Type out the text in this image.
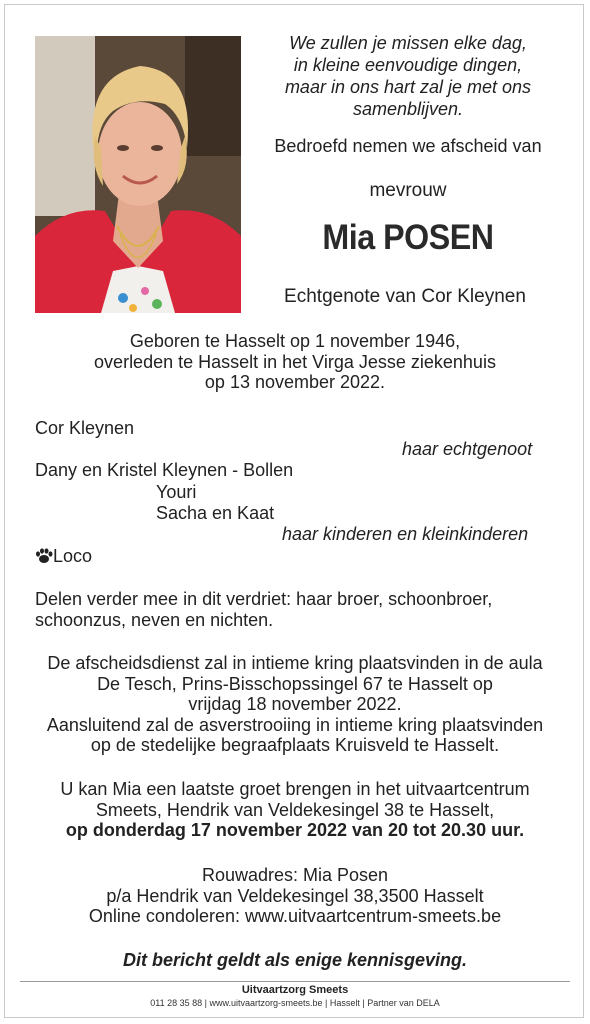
We zullen je missen elke dag,
in kleine eenvoudige dingen,
maar in ons hart zal je met ons
samenblijven.
Bedroefd nemen we afscheid van
mevrouw
Mia POSEN
Echtgenote van Cor Kleynen
Geboren te Hasselt op 1 november 1946,
overleden te Hasselt in het Virga Jesse ziekenhuis
op 13 november 2022.
Cor Kleynen
haar echtgenoot
Dany en Kristel Kleynen - Bollen
Youri
Sacha en Kaat
haar kinderen en kleinkinderen
Loco
Delen verder mee in dit verdriet: haar broer, schoonbroer,
schoonzus, neven en nichten.
De afscheidsdienst zal in intieme kring plaatsvinden in de aula
De Tesch, Prins-Bisschopssingel 67 te Hasselt op
vrijdag 18 november 2022.
Aansluitend zal de asverstrooiing in intieme kring plaatsvinden
op de stedelijke begraafplaats Kruisveld te Hasselt.
U kan Mia een laatste groet brengen in het uitvaartcentrum
Smeets, Hendrik van Veldekesingel 38 te Hasselt,
op donderdag 17 november 2022 van 20 tot 20.30 uur.
Rouwadres: Mia Posen
p/a Hendrik van Veldekesingel 38,3500 Hasselt
Online condoleren: www.uitvaartcentrum-smeets.be
Dit bericht geldt als enige kennisgeving.
Uitvaartzorg Smeets
011 28 35 88 | www.uitvaartzorg-smeets.be | Hasselt | Partner van DELA
